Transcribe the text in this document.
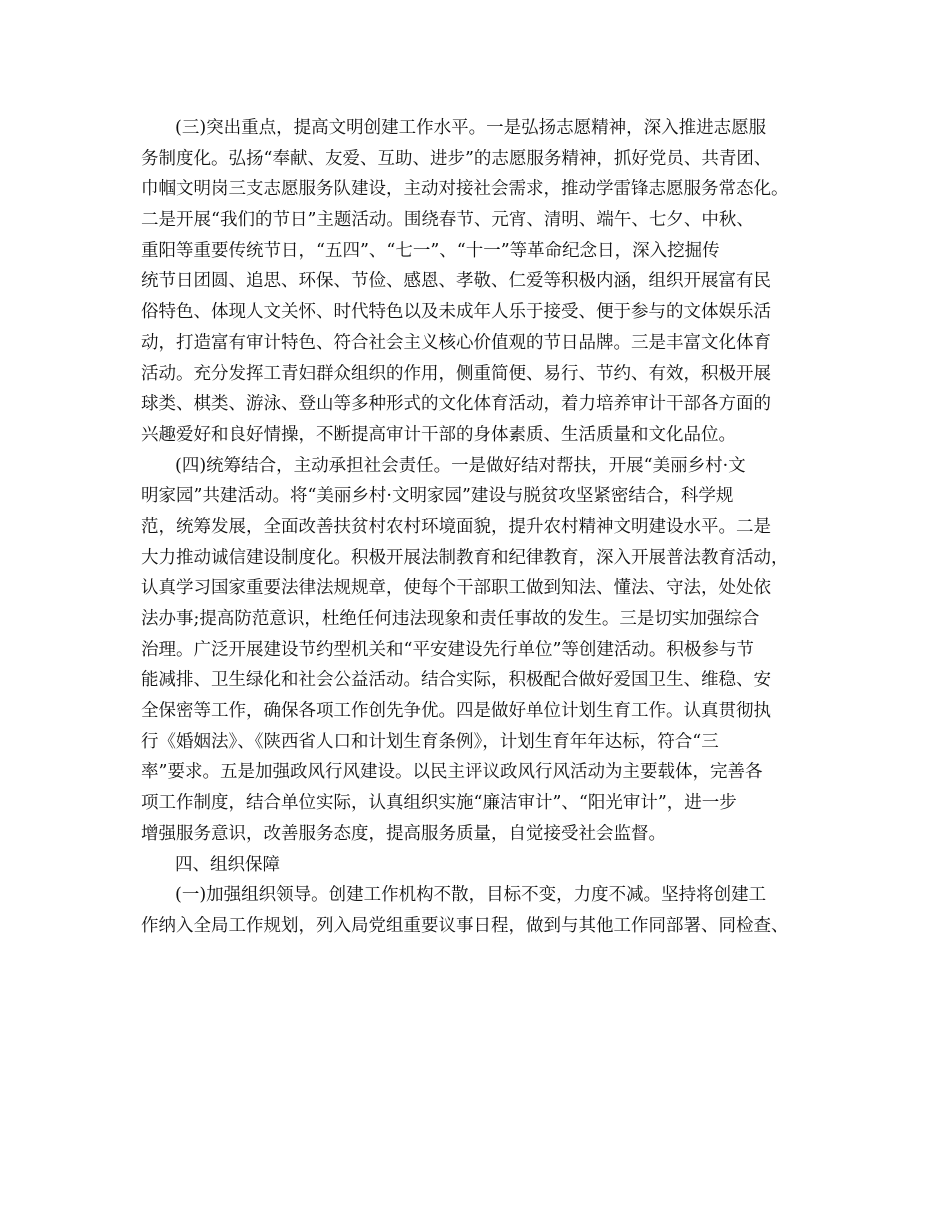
(三)突出重点，提高文明创建工作水平。一是弘扬志愿精神，深入推进志愿服
务制度化。弘扬“奉献、友爱、互助、进步”的志愿服务精神，抓好党员、共青团、
巾帼文明岗三支志愿服务队建设，主动对接社会需求，推动学雷锋志愿服务常态化。
二是开展“我们的节日”主题活动。围绕春节、元宵、清明、端午、七夕、中秋、
重阳等重要传统节日，“五四”、“七一”、“十一”等革命纪念日，深入挖掘传
统节日团圆、追思、环保、节俭、感恩、孝敬、仁爱等积极内涵，组织开展富有民
俗特色、体现人文关怀、时代特色以及未成年人乐于接受、便于参与的文体娱乐活
动，打造富有审计特色、符合社会主义核心价值观的节日品牌。三是丰富文化体育
活动。充分发挥工青妇群众组织的作用，侧重简便、易行、节约、有效，积极开展
球类、棋类、游泳、登山等多种形式的文化体育活动，着力培养审计干部各方面的
兴趣爱好和良好情操，不断提高审计干部的身体素质、生活质量和文化品位。
(四)统筹结合，主动承担社会责任。一是做好结对帮扶，开展“美丽乡村·文
明家园”共建活动。将“美丽乡村·文明家园”建设与脱贫攻坚紧密结合，科学规
范，统筹发展，全面改善扶贫村农村环境面貌，提升农村精神文明建设水平。二是
大力推动诚信建设制度化。积极开展法制教育和纪律教育，深入开展普法教育活动，
认真学习国家重要法律法规规章，使每个干部职工做到知法、懂法、守法，处处依
法办事;提高防范意识，杜绝任何违法现象和责任事故的发生。三是切实加强综合
治理。广泛开展建设节约型机关和“平安建设先行单位”等创建活动。积极参与节
能减排、卫生绿化和社会公益活动。结合实际，积极配合做好爱国卫生、维稳、安
全保密等工作，确保各项工作创先争优。四是做好单位计划生育工作。认真贯彻执
行《婚姻法》、《陕西省人口和计划生育条例》，计划生育年年达标，符合“三
率”要求。五是加强政风行风建设。以民主评议政风行风活动为主要载体，完善各
项工作制度，结合单位实际，认真组织实施“廉洁审计”、“阳光审计”，进一步
增强服务意识，改善服务态度，提高服务质量，自觉接受社会监督。
四、组织保障
(一)加强组织领导。创建工作机构不散，目标不变，力度不减。坚持将创建工
作纳入全局工作规划，列入局党组重要议事日程，做到与其他工作同部署、同检查、
